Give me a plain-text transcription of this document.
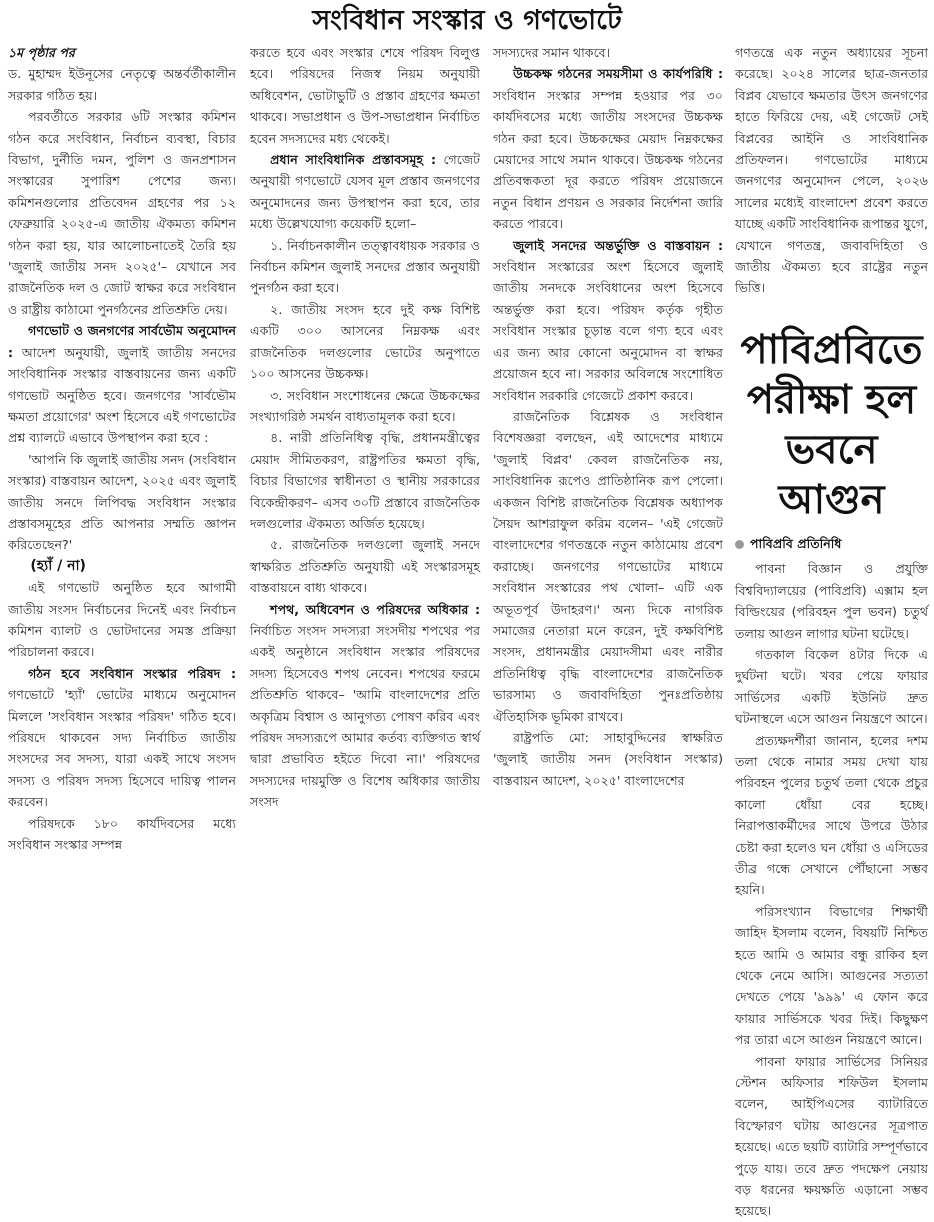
সংবিধান সংস্কার ও গণভোটে

১ম পৃষ্ঠার পর

ড. মুহাম্মদ ইউনূসের নেতৃত্বে অন্তর্বর্তীকালীন সরকার গঠিত হয়।

পরবর্তীতে সরকার ৬টি সংস্কার কমিশন গঠন করে সংবিধান, নির্বাচন ব্যবস্থা, বিচার বিভাগ, দুর্নীতি দমন, পুলিশ ও জনপ্রশাসন সংস্কারের সুপারিশ পেশের জন্য। কমিশনগুলোর প্রতিবেদন গ্রহণের পর ১২ ফেব্রুয়ারি ২০২৫-এ জাতীয় ঐকমত্য কমিশন গঠন করা হয়, যার আলোচনাতেই তৈরি হয় 'জুলাই জাতীয় সনদ ২০২৫'– যেখানে সব রাজনৈতিক দল ও জোট স্বাক্ষর করে সংবিধান ও রাষ্ট্রীয় কাঠামো পুনর্গঠনের প্রতিশ্রুতি দেয়।

গণভোট ও জনগণের সার্বভৌম অনুমোদন : আদেশ অনুযায়ী, জুলাই জাতীয় সনদের সাংবিধানিক সংস্কার বাস্তবায়নের জন্য একটি গণভোট অনুষ্ঠিত হবে। জনগণের 'সার্বভৌম ক্ষমতা প্রয়োগের' অংশ হিসেবে এই গণভোটের প্রশ্ন ব্যালটে এভাবে উপস্থাপন করা হবে :

'আপনি কি জুলাই জাতীয় সনদ (সংবিধান সংস্কার) বাস্তবায়ন আদেশ, ২০২৫ এবং জুলাই জাতীয় সনদে লিপিবদ্ধ সংবিধান সংস্কার প্রস্তাবসমূহের প্রতি আপনার সম্মতি জ্ঞাপন করিতেছেন?'

(হ্যাঁ / না)

এই গণভোট অনুষ্ঠিত হবে আগামী জাতীয় সংসদ নির্বাচনের দিনেই এবং নির্বাচন কমিশন ব্যালট ও ভোটদানের সমস্ত প্রক্রিয়া পরিচালনা করবে।

গঠন হবে সংবিধান সংস্কার পরিষদ : গণভোটে 'হ্যাঁ' ভোটের মাধ্যমে অনুমোদন মিললে 'সংবিধান সংস্কার পরিষদ' গঠিত হবে। পরিষদে থাকবেন সদ্য নির্বাচিত জাতীয় সংসদের সব সদস্য, যারা একই সাথে সংসদ সদস্য ও পরিষদ সদস্য হিসেবে দায়িত্ব পালন করবেন।

পরিষদকে ১৮০ কার্যদিবসের মধ্যে সংবিধান সংস্কার সম্পন্ন

করতে হবে এবং সংস্কার শেষে পরিষদ বিলুপ্ত হবে। পরিষদের নিজস্ব নিয়ম অনুযায়ী অধিবেশন, ভোটাভুটি ও প্রস্তাব গ্রহণের ক্ষমতা থাকবে। সভাপ্রধান ও উপ-সভাপ্রধান নির্বাচিত হবেন সদস্যদের মধ্য থেকেই।

প্রধান সাংবিধানিক প্রস্তাবসমূহ : গেজেট অনুযায়ী গণভোটে যেসব মূল প্রস্তাব জনগণের অনুমোদনের জন্য উপস্থাপন করা হবে, তার মধ্যে উল্লেখযোগ্য কয়েকটি হলো–

১. নির্বাচনকালীন তত্ত্বাবধায়ক সরকার ও নির্বাচন কমিশন জুলাই সনদের প্রস্তাব অনুযায়ী পুনর্গঠন করা হবে।

২. জাতীয় সংসদ হবে দুই কক্ষ বিশিষ্ট একটি ৩০০ আসনের নিম্নকক্ষ এবং রাজনৈতিক দলগুলোর ভোটের অনুপাতে ১০০ আসনের উচ্চকক্ষ।

৩. সংবিধান সংশোধনের ক্ষেত্রে উচ্চকক্ষের সংখ্যাগরিষ্ঠ সমর্থন বাধ্যতামূলক করা হবে।

৪. নারী প্রতিনিধিত্ব বৃদ্ধি, প্রধানমন্ত্রীত্বের মেয়াদ সীমিতকরণ, রাষ্ট্রপতির ক্ষমতা বৃদ্ধি, বিচার বিভাগের স্বাধীনতা ও স্থানীয় সরকারের বিকেন্দ্রীকরণ– এসব ৩০টি প্রস্তাবে রাজনৈতিক দলগুলোর ঐকমত্য অর্জিত হয়েছে।

৫. রাজনৈতিক দলগুলো জুলাই সনদে স্বাক্ষরিত প্রতিশ্রুতি অনুযায়ী এই সংস্কারসমূহ বাস্তবায়নে বাধ্য থাকবে।

শপথ, অধিবেশন ও পরিষদের অধিকার : নির্বাচিত সংসদ সদস্যরা সংসদীয় শপথের পর একই অনুষ্ঠানে সংবিধান সংস্কার পরিষদের সদস্য হিসেবেও শপথ নেবেন। শপথের ফরমে প্রতিশ্রুতি থাকবে– 'আমি বাংলাদেশের প্রতি অকৃত্রিম বিশ্বাস ও আনুগত্য পোষণ করিব এবং পরিষদ সদস্যরূপে আমার কর্তব্য ব্যক্তিগত স্বার্থ দ্বারা প্রভাবিত হইতে দিবো না।' পরিষদের সদস্যদের দায়মুক্তি ও বিশেষ অধিকার জাতীয় সংসদ

সদস্যদের সমান থাকবে।

উচ্চকক্ষ গঠনের সময়সীমা ও কার্যপরিধি : সংবিধান সংস্কার সম্পন্ন হওয়ার পর ৩০ কার্যদিবসের মধ্যে জাতীয় সংসদের উচ্চকক্ষ গঠন করা হবে। উচ্চকক্ষের মেয়াদ নিম্নকক্ষের মেয়াদের সাথে সমান থাকবে। উচ্চকক্ষ গঠনের প্রতিবন্ধকতা দূর করতে পরিষদ প্রয়োজনে নতুন বিধান প্রণয়ন ও সরকার নির্দেশনা জারি করতে পারবে।

জুলাই সনদের অন্তর্ভুক্তি ও বাস্তবায়ন : সংবিধান সংস্কারের অংশ হিসেবে জুলাই জাতীয় সনদকে সংবিধানের অংশ হিসেবে অন্তর্ভুক্ত করা হবে। পরিষদ কর্তৃক গৃহীত সংবিধান সংস্কার চূড়ান্ত বলে গণ্য হবে এবং এর জন্য আর কোনো অনুমোদন বা স্বাক্ষর প্রয়োজন হবে না। সরকার অবিলম্বে সংশোধিত সংবিধান সরকারি গেজেটে প্রকাশ করবে।

রাজনৈতিক বিশ্লেষক ও সংবিধান বিশেষজ্ঞরা বলছেন, এই আদেশের মাধ্যমে 'জুলাই বিপ্লব' কেবল রাজনৈতিক নয়, সাংবিধানিক রূপেও প্রাতিষ্ঠানিক রূপ পেলো। একজন বিশিষ্ট রাজনৈতিক বিশ্লেষক অধ্যাপক সৈয়দ আশরাফুল করিম বলেন– 'এই গেজেট বাংলাদেশের গণতন্ত্রকে নতুন কাঠামোয় প্রবেশ করাচ্ছে। জনগণের গণভোটের মাধ্যমে সংবিধান সংস্কারের পথ খোলা– এটি এক অভূতপূর্ব উদাহরণ।' অন্য দিকে নাগরিক সমাজের নেতারা মনে করেন, দুই কক্ষবিশিষ্ট সংসদ, প্রধানমন্ত্রীর মেয়াদসীমা এবং নারীর প্রতিনিধিত্ব বৃদ্ধি বাংলাদেশের রাজনৈতিক ভারসাম্য ও জবাবদিহিতা পুনঃপ্রতিষ্ঠায় ঐতিহাসিক ভূমিকা রাখবে।

রাষ্ট্রপতি মো: সাহাবুদ্দিনের স্বাক্ষরিত 'জুলাই জাতীয় সনদ (সংবিধান সংস্কার) বাস্তবায়ন আদেশ, ২০২৫' বাংলাদেশের

গণতন্ত্রে এক নতুন অধ্যায়ের সূচনা করেছে। ২০২৪ সালের ছাত্র-জনতার বিপ্লব যেভাবে ক্ষমতার উৎস জনগণের হাতে ফিরিয়ে দেয়, এই গেজেট সেই বিপ্লবের আইনি ও সাংবিধানিক প্রতিফলন। গণভোটের মাধ্যমে জনগণের অনুমোদন পেলে, ২০২৬ সালের মধ্যেই বাংলাদেশ প্রবেশ করতে যাচ্ছে একটি সাংবিধানিক রূপান্তর যুগে, যেখানে গণতন্ত্র, জবাবদিহিতা ও জাতীয় ঐকমত্য হবে রাষ্ট্রের নতুন ভিত্তি।

পাবিপ্রবিতে পরীক্ষা হল ভবনে আগুন
পাবিপ্রবি প্রতিনিধি

পাবনা বিজ্ঞান ও প্রযুক্তি বিশ্ববিদ্যালয়ের (পাবিপ্রবি) এক্সাম হল বিল্ডিংয়ের (পরিবহন পুল ভবন) চতুর্থ তলায় আগুন লাগার ঘটনা ঘটেছে।

গতকাল বিকেল ৪টার দিকে এ দুর্ঘটনা ঘটে। খবর পেয়ে ফায়ার সার্ভিসের একটি ইউনিট দ্রুত ঘটনাস্থলে এসে আগুন নিয়ন্ত্রণে আনে।

প্রত্যক্ষদর্শীরা জানান, হলের দশম তলা থেকে নামার সময় দেখা যায় পরিবহন পুলের চতুর্থ তলা থেকে প্রচুর কালো ধোঁয়া বের হচ্ছে। নিরাপত্তাকর্মীদের সাথে উপরে উঠার চেষ্টা করা হলেও ঘন ধোঁয়া ও এসিডের তীব্র গন্ধে সেখানে পৌঁছানো সম্ভব হয়নি।

পরিসংখ্যান বিভাগের শিক্ষার্থী জাহিদ ইসলাম বলেন, বিষয়টি নিশ্চিত হতে আমি ও আমার বন্ধু রাকিব হল থেকে নেমে আসি। আগুনের সত্যতা দেখতে পেয়ে '৯৯৯' এ ফোন করে ফায়ার সার্ভিসকে খবর দিই। কিছুক্ষণ পর তারা এসে আগুন নিয়ন্ত্রণে আনে।

পাবনা ফায়ার সার্ভিসের সিনিয়র স্টেশন অফিসার শফিউল ইসলাম বলেন, আইপিএসের ব্যাটারিতে বিস্ফোরণ ঘটায় আগুনের সূত্রপাত হয়েছে। এতে ছয়টি ব্যাটারি সম্পূর্ণভাবে পুড়ে যায়। তবে দ্রুত পদক্ষেপ নেয়ায় বড় ধরনের ক্ষয়ক্ষতি এড়ানো সম্ভব হয়েছে।
